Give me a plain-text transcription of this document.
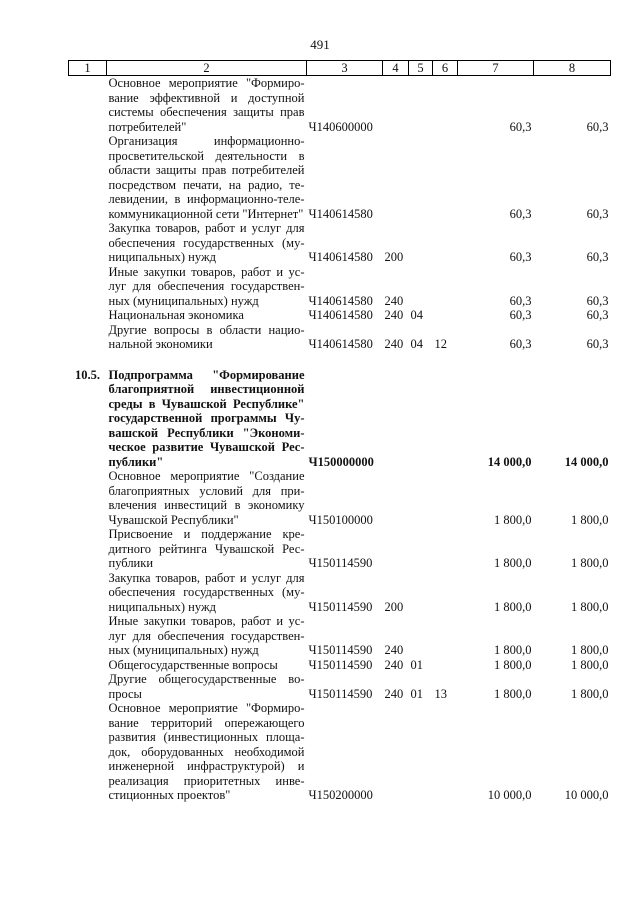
491
1	2	3	4	5	6	7	8
	Основное мероприятие "Формирование эффективной и доступной системы обеспечения защиты прав потребителей"	Ч140600000				60,3	60,3
	Организация информационно-просветительской деятельности в области защиты прав потребителей посредством печати, на радио, телевидении, в информационно-телекоммуникационной сети "Интернет"	Ч140614580				60,3	60,3
	Закупка товаров, работ и услуг для обеспечения государственных (муниципальных) нужд	Ч140614580	200			60,3	60,3
	Иные закупки товаров, работ и услуг для обеспечения государственных (муниципальных) нужд	Ч140614580	240			60,3	60,3
	Национальная экономика	Ч140614580	240	04		60,3	60,3
	Другие вопросы в области национальной экономики	Ч140614580	240	04	12	60,3	60,3

10.5.	Подпрограмма "Формирование благоприятной инвестиционной среды в Чувашской Республике" государственной программы Чувашской Республики "Экономическое развитие Чувашской Республики"	Ч150000000				14 000,0	14 000,0
	Основное мероприятие "Создание благоприятных условий для привлечения инвестиций в экономику Чувашской Республики"	Ч150100000				1 800,0	1 800,0
	Присвоение и поддержание кредитного рейтинга Чувашской Республики	Ч150114590				1 800,0	1 800,0
	Закупка товаров, работ и услуг для обеспечения государственных (муниципальных) нужд	Ч150114590	200			1 800,0	1 800,0
	Иные закупки товаров, работ и услуг для обеспечения государственных (муниципальных) нужд	Ч150114590	240			1 800,0	1 800,0
	Общегосударственные вопросы	Ч150114590	240	01		1 800,0	1 800,0
	Другие общегосударственные вопросы	Ч150114590	240	01	13	1 800,0	1 800,0
	Основное мероприятие "Формирование территорий опережающего развития (инвестиционных площадок, оборудованных необходимой инженерной инфраструктурой) и реализация приоритетных инвестиционных проектов"	Ч150200000				10 000,0	10 000,0
